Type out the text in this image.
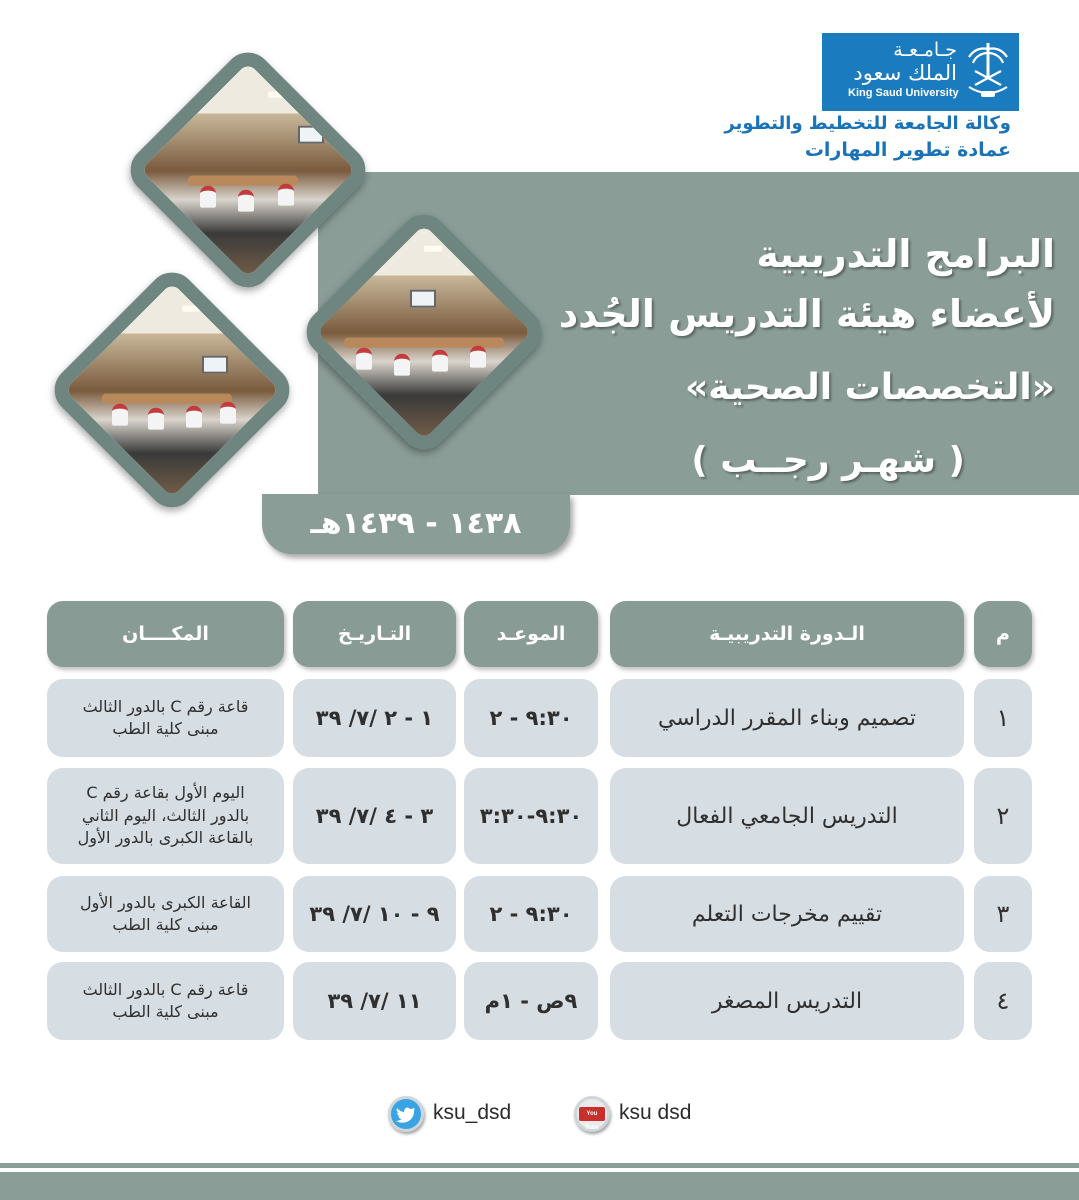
جـامـعـة
الملك سعود
King Saud University
وكالة الجامعة للتخطيط والتطوير
عمادة تطوير المهارات
البرامج التدريبية
لأعضاء هيئة التدريس الجُدد
«التخصصات الصحية»
( شهـر رجــب )
١٤٣٨ - ١٤٣٩هـ
م
الـدورة التدريبيـة
الموعـد
التـاريـخ
المكــــان
١
تصميم وبناء المقرر الدراسي
٩:٣٠ - ٢
١ - ٢ /٧/ ٣٩
قاعة رقم C بالدور الثالث
مبنى كلية الطب
٢
التدريس الجامعي الفعال
٩:٣٠-٣:٣٠
٣ - ٤ /٧/ ٣٩
اليوم الأول بقاعة رقم C
بالدور الثالث، اليوم الثاني
بالقاعة الكبرى بالدور الأول
٣
تقييم مخرجات التعلم
٩:٣٠ - ٢
٩ - ١٠ /٧/ ٣٩
القاعة الكبرى بالدور الأول
مبنى كلية الطب
٤
التدريس المصغر
٩ص - ١م
١١ /٧/ ٣٩
قاعة رقم C بالدور الثالث
مبنى كلية الطب
ksu_dsd	You Tube
ksu dsd
